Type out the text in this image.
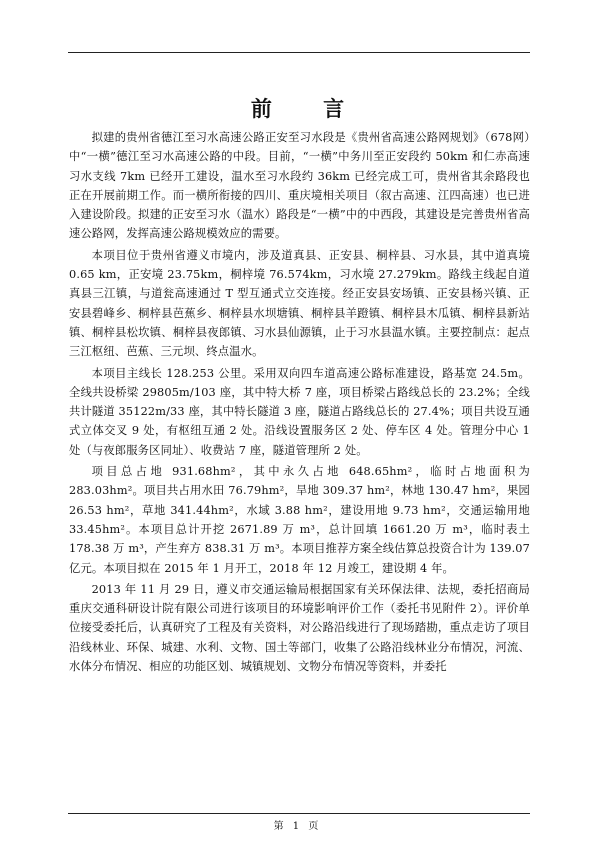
前 言

拟建的贵州省德江至习水高速公路正安至习水段是《贵州省高速公路网规划》（678网）中“一横”德江至习水高速公路的中段。目前，“一横”中务川至正安段约 50km 和仁赤高速习水支线 7km 已经开工建设，温水至习水段约 36km 已经完成工可，贵州省其余路段也正在开展前期工作。而一横所衔接的四川、重庆境相关项目（叙古高速、江四高速）也已进入建设阶段。拟建的正安至习水（温水）路段是“一横”中的中西段，其建设是完善贵州省高速公路网，发挥高速公路规模效应的需要。

本项目位于贵州省遵义市境内，涉及道真县、正安县、桐梓县、习水县，其中道真境 0.65 km，正安境 23.75km，桐梓境 76.574km，习水境 27.279km。路线主线起自道真县三江镇，与道瓮高速通过 T 型互通式立交连接。经正安县安场镇、正安县杨兴镇、正安县碧峰乡、桐梓县芭蕉乡、桐梓县水坝塘镇、桐梓县羊蹬镇、桐梓县木瓜镇、桐梓县新站镇、桐梓县松坎镇、桐梓县夜郎镇、习水县仙源镇，止于习水县温水镇。主要控制点：起点三江枢纽、芭蕉、三元坝、终点温水。

本项目主线长 128.253 公里。采用双向四车道高速公路标准建设，路基宽 24.5m。全线共设桥梁 29805m/103 座，其中特大桥 7 座，项目桥梁占路线总长的 23.2%；全线共计隧道 35122m/33 座，其中特长隧道 3 座，隧道占路线总长的 27.4%；项目共设互通式立体交叉 9 处，有枢纽互通 2 处。沿线设置服务区 2 处、停车区 4 处。管理分中心 1 处（与夜郎服务区同址）、收费站 7 座，隧道管理所 2 处。

项目总占地 931.68hm²，其中永久占地 648.65hm²，临时占地面积为 283.03hm²。项目共占用水田 76.79hm²，旱地 309.37 hm²，林地 130.47 hm²，果园 26.53 hm²，草地 341.44hm²，水域 3.88 hm²，建设用地 9.73 hm²，交通运输用地 33.45hm²。本项目总计开挖 2671.89 万 m³，总计回填 1661.20 万 m³，临时表土 178.38 万 m³，产生弃方 838.31 万 m³。本项目推荐方案全线估算总投资合计为 139.07 亿元。本项目拟在 2015 年 1 月开工，2018 年 12 月竣工，建设期 4 年。

2013 年 11 月 29 日，遵义市交通运输局根据国家有关环保法律、法规，委托招商局重庆交通科研设计院有限公司进行该项目的环境影响评价工作（委托书见附件 2）。评价单位接受委托后，认真研究了工程及有关资料，对公路沿线进行了现场踏勘，重点走访了项目沿线林业、环保、城建、水利、文物、国土等部门，收集了公路沿线林业分布情况，河流、水体分布情况、相应的功能区划、城镇规划、文物分布情况等资料，并委托

第 1 页
